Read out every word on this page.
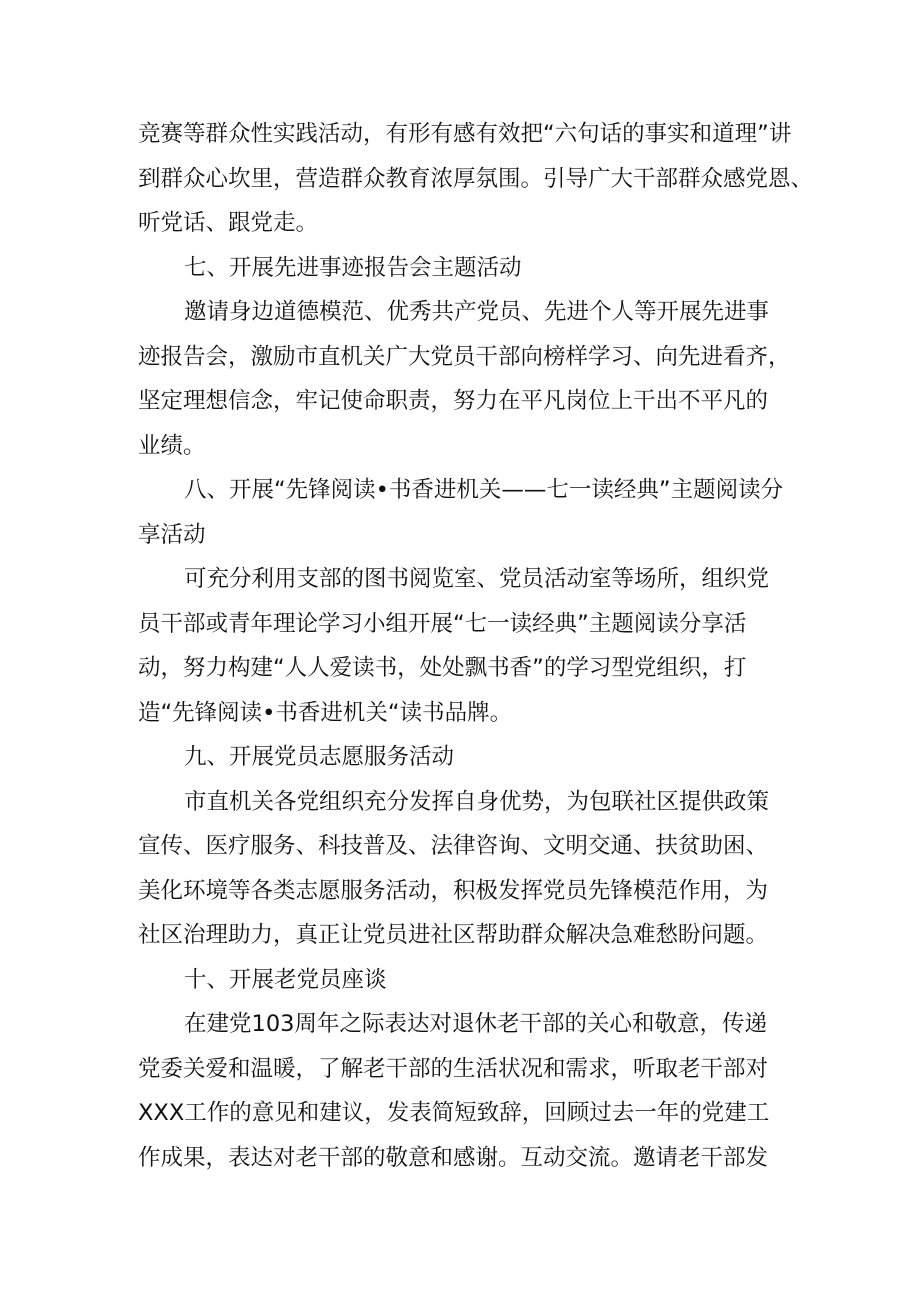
竞赛等群众性实践活动，有形有感有效把“六句话的事实和道理”讲
到群众心坎里，营造群众教育浓厚氛围。引导广大干部群众感党恩、
听党话、跟党走。
七、开展先进事迹报告会主题活动
邀请身边道德模范、优秀共产党员、先进个人等开展先进事
迹报告会，激励市直机关广大党员干部向榜样学习、向先进看齐，
坚定理想信念，牢记使命职责，努力在平凡岗位上干出不平凡的
业绩。
八、开展“先锋阅读•书香进机关——七一读经典”主题阅读分
享活动
可充分利用支部的图书阅览室、党员活动室等场所，组织党
员干部或青年理论学习小组开展“七一读经典”主题阅读分享活
动，努力构建“人人爱读书，处处飘书香”的学习型党组织，打
造“先锋阅读•书香进机关“读书品牌。
九、开展党员志愿服务活动
市直机关各党组织充分发挥自身优势，为包联社区提供政策
宣传、医疗服务、科技普及、法律咨询、文明交通、扶贫助困、
美化环境等各类志愿服务活动，积极发挥党员先锋模范作用，为
社区治理助力，真正让党员进社区帮助群众解决急难愁盼问题。
十、开展老党员座谈
在建党103周年之际表达对退休老干部的关心和敬意，传递
党委关爱和温暖，了解老干部的生活状况和需求，听取老干部对
XXX工作的意见和建议，发表简短致辞，回顾过去一年的党建工
作成果，表达对老干部的敬意和感谢。互动交流。邀请老干部发
